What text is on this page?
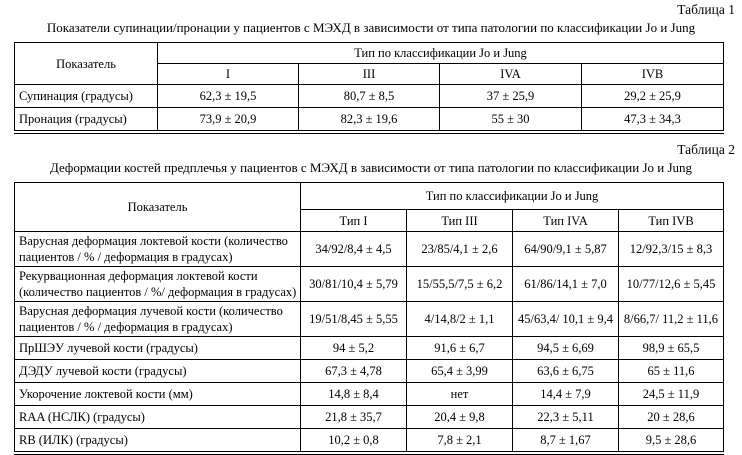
Таблица 1
Показатели супинации/пронации у пациентов с МЭХД в зависимости от типа патологии по классификации Jo и Jung
Показатель	Тип по классификации Jo и Jung			
	I	III	IVA	IVB
Супинация (градусы)	62,3 ± 19,5	80,7 ± 8,5	37 ± 25,9	29,2 ± 25,9
Пронация (градусы)	73,9 ± 20,9	82,3 ± 19,6	55 ± 30	47,3 ± 34,3
Таблица 2
Деформации костей предплечья у пациентов с МЭХД в зависимости от типа патологии по классификации Jo и Jung
Показатель	Тип по классификации Jo и Jung			
	Тип I	Тип III	Тип IVA	Тип IVB
Варусная деформация локтевой кости (количество пациентов / % / деформация в градусах)	34/92/8,4 ± 4,5	23/85/4,1 ± 2,6	64/90/9,1 ± 5,87	12/92,3/15 ± 8,3
Рекурвационная деформация локтевой кости (количество пациентов / %/ деформация в градусах)	30/81/10,4 ± 5,79	15/55,5/7,5 ± 6,2	61/86/14,1 ± 7,0	10/77/12,6 ± 5,45
Варусная деформация лучевой кости (количество пациентов / % / деформация в градусах)	19/51/8,45 ± 5,55	4/14,8/2 ± 1,1	45/63,4/ 10,1 ± 9,4	8/66,7/ 11,2 ± 11,6
ПрШЭУ лучевой кости (градусы)	94 ± 5,2	91,6 ± 6,7	94,5 ± 6,69	98,9 ± 65,5
ДЭДУ лучевой кости (градусы)	67,3 ± 4,78	65,4 ± 3,99	63,6 ± 6,75	65 ± 11,6
Укорочение локтевой кости (мм)	14,8 ± 8,4	нет	14,4 ± 7,9	24,5 ± 11,9
RAA (НСЛК) (градусы)	21,8 ± 35,7	20,4 ± 9,8	22,3 ± 5,11	20 ± 28,6
RB (ИЛК) (градусы)	10,2 ± 0,8	7,8 ± 2,1	8,7 ± 1,67	9,5 ± 28,6
